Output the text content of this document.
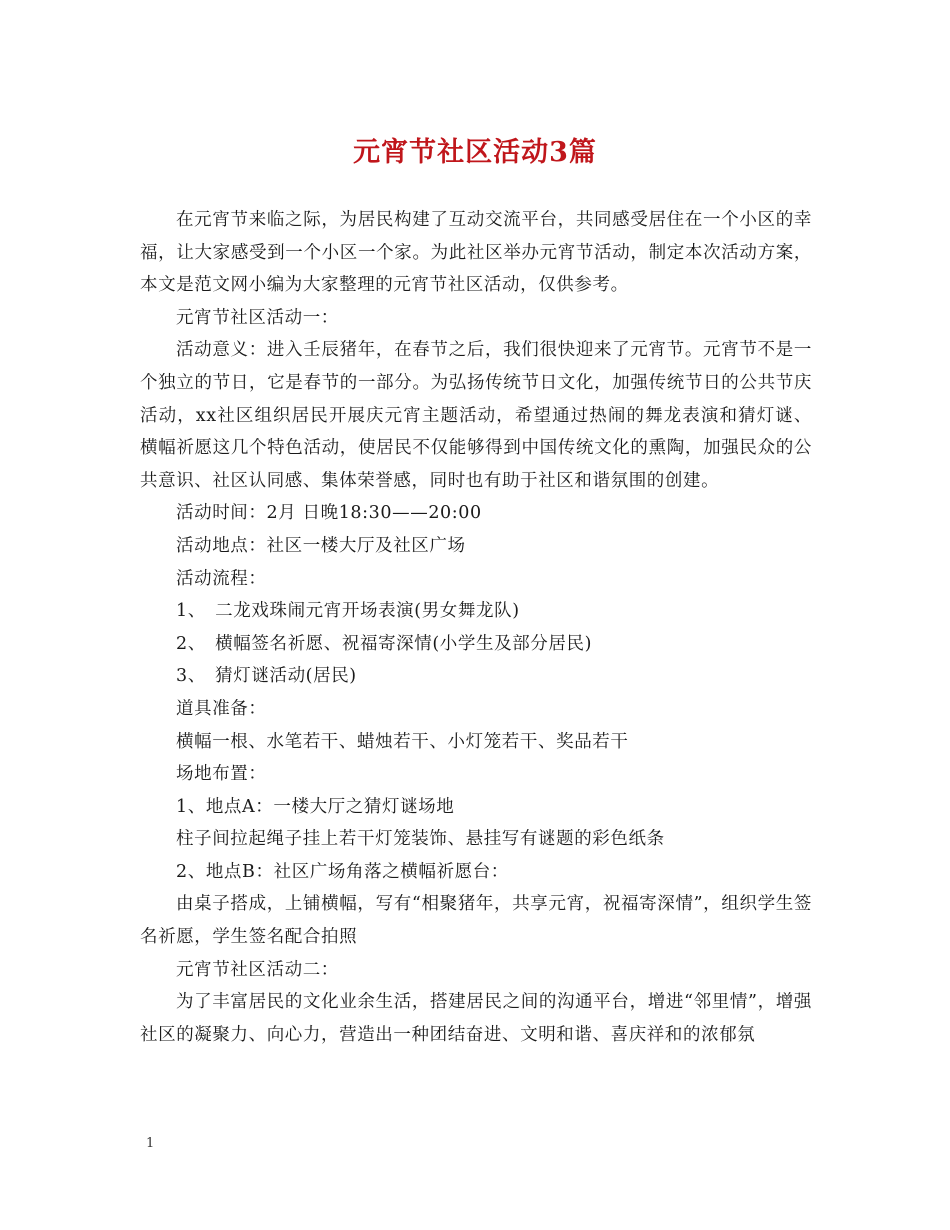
元宵节社区活动3篇

在元宵节来临之际，为居民构建了互动交流平台，共同感受居住在一个小区的幸福，让大家感受到一个小区一个家。为此社区举办元宵节活动，制定本次活动方案，本文是范文网小编为大家整理的元宵节社区活动，仅供参考。

元宵节社区活动一：

活动意义：进入壬辰猪年，在春节之后，我们很快迎来了元宵节。元宵节不是一个独立的节日，它是春节的一部分。为弘扬传统节日文化，加强传统节日的公共节庆活动，xx社区组织居民开展庆元宵主题活动，希望通过热闹的舞龙表演和猜灯谜、横幅祈愿这几个特色活动，使居民不仅能够得到中国传统文化的熏陶，加强民众的公共意识、社区认同感、集体荣誉感，同时也有助于社区和谐氛围的创建。

活动时间：2月 日晚18:30——20:00

活动地点：社区一楼大厅及社区广场

活动流程：

1、　二龙戏珠闹元宵开场表演(男女舞龙队)

2、　横幅签名祈愿、祝福寄深情(小学生及部分居民)

3、　猜灯谜活动(居民)

道具准备：

横幅一根、水笔若干、蜡烛若干、小灯笼若干、奖品若干

场地布置：

1、地点A：一楼大厅之猜灯谜场地

柱子间拉起绳子挂上若干灯笼装饰、悬挂写有谜题的彩色纸条

2、地点B：社区广场角落之横幅祈愿台：

由桌子搭成，上铺横幅，写有“相聚猪年，共享元宵，祝福寄深情”，组织学生签名祈愿，学生签名配合拍照

元宵节社区活动二：

为了丰富居民的文化业余生活，搭建居民之间的沟通平台，增进“邻里情”，增强社区的凝聚力、向心力，营造出一种团结奋进、文明和谐、喜庆祥和的浓郁氛

1
